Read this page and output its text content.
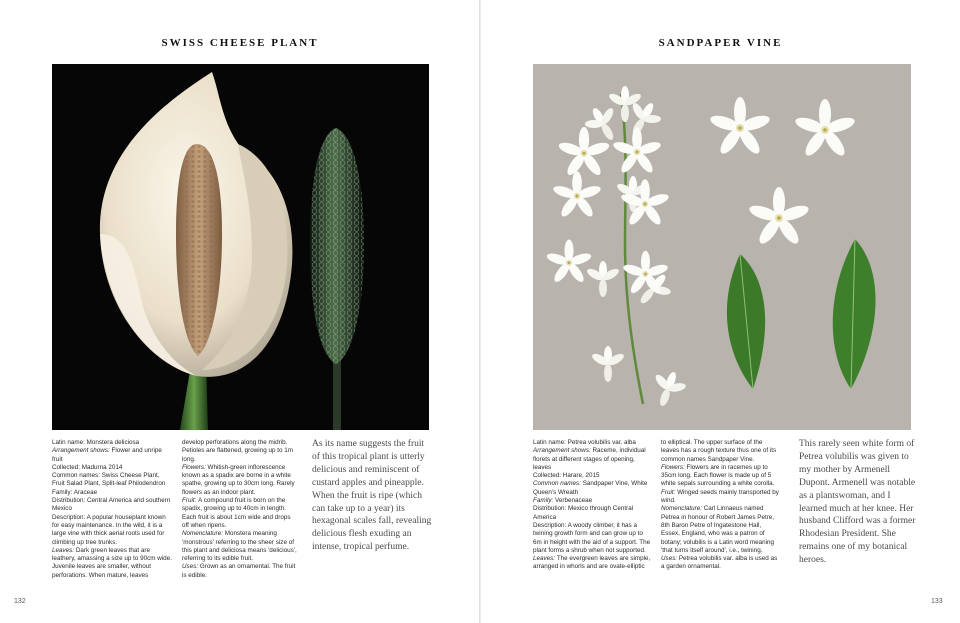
SWISS CHEESE PLANT

Latin name: Monstera deliciosa

Arrangement shows: Flower and unripe fruit

Collected: Madurna 2014

Common names: Swiss Cheese Plant, Fruit Salad Plant, Split-leaf Philodendron

Family: Araceae

Distribution: Central America and southern Mexico

Description: A popular houseplant known for easy maintenance. In the wild, it is a large vine with thick aerial roots used for climbing up tree trunks.

Leaves: Dark green leaves that are leathery, amassing a size up to 90cm wide. Juvenile leaves are smaller, without perforations. When mature, leaves

develop perforations along the midrib. Petioles are flattened, growing up to 1m long.

Flowers: Whitish-green inflorescence known as a spadix are borne in a white spathe, growing up to 30cm long. Rarely flowers as an indoor plant.

Fruit: A compound fruit is born on the spadix, growing up to 40cm in length. Each fruit is about 1cm wide and drops off when ripens.

Nomenclature: Monstera meaning 'monstrous' referring to the sheer size of this plant and deliciosa means 'delicious', referring to its edible fruit.

Uses: Grown as an ornamental. The fruit is edible.

As its name suggests the fruit of this tropical plant is utterly delicious and reminiscent of custard apples and pineapple. When the fruit is ripe (which can take up to a year) its hexagonal scales fall, revealing delicious flesh exuding an intense, tropical perfume.
132
SANDPAPER VINE

Latin name: Petrea volubilis var. alba

Arrangement shows: Raceme, individual florets at different stages of opening, leaves

Collected: Harare, 2015

Common names: Sandpaper Vine, White Queen's Wreath

Family: Verbenaceae

Distribution: Mexico through Central America

Description: A woody climber, it has a twining growth form and can grow up to 6m in height with the aid of a support. The plant forms a shrub when not supported.

Leaves: The evergreen leaves are simple, arranged in whorls and are ovate-elliptic

to elliptical. The upper surface of the leaves has a rough texture thus one of its common names Sandpaper Vine.

Flowers: Flowers are in racemes up to 35cm long. Each flower is made up of 5 white sepals surrounding a white corolla.

Fruit: Winged seeds mainly transported by wind.

Nomenclature: Carl Linnaeus named Petrea in honour of Robert James Petre, 8th Baron Petre of Ingatestone Hall, Essex, England, who was a patron of botany; volubilis is a Latin word meaning 'that turns itself around', i.e., twining.

Uses: Petrea volubilis var. alba is used as a garden ornamental.

This rarely seen white form of Petrea volubilis was given to my mother by Armenell Dupont. Armenell was notable as a plantswoman, and I learned much at her knee. Her husband Clifford was a former Rhodesian President. She remains one of my botanical heroes.
133
